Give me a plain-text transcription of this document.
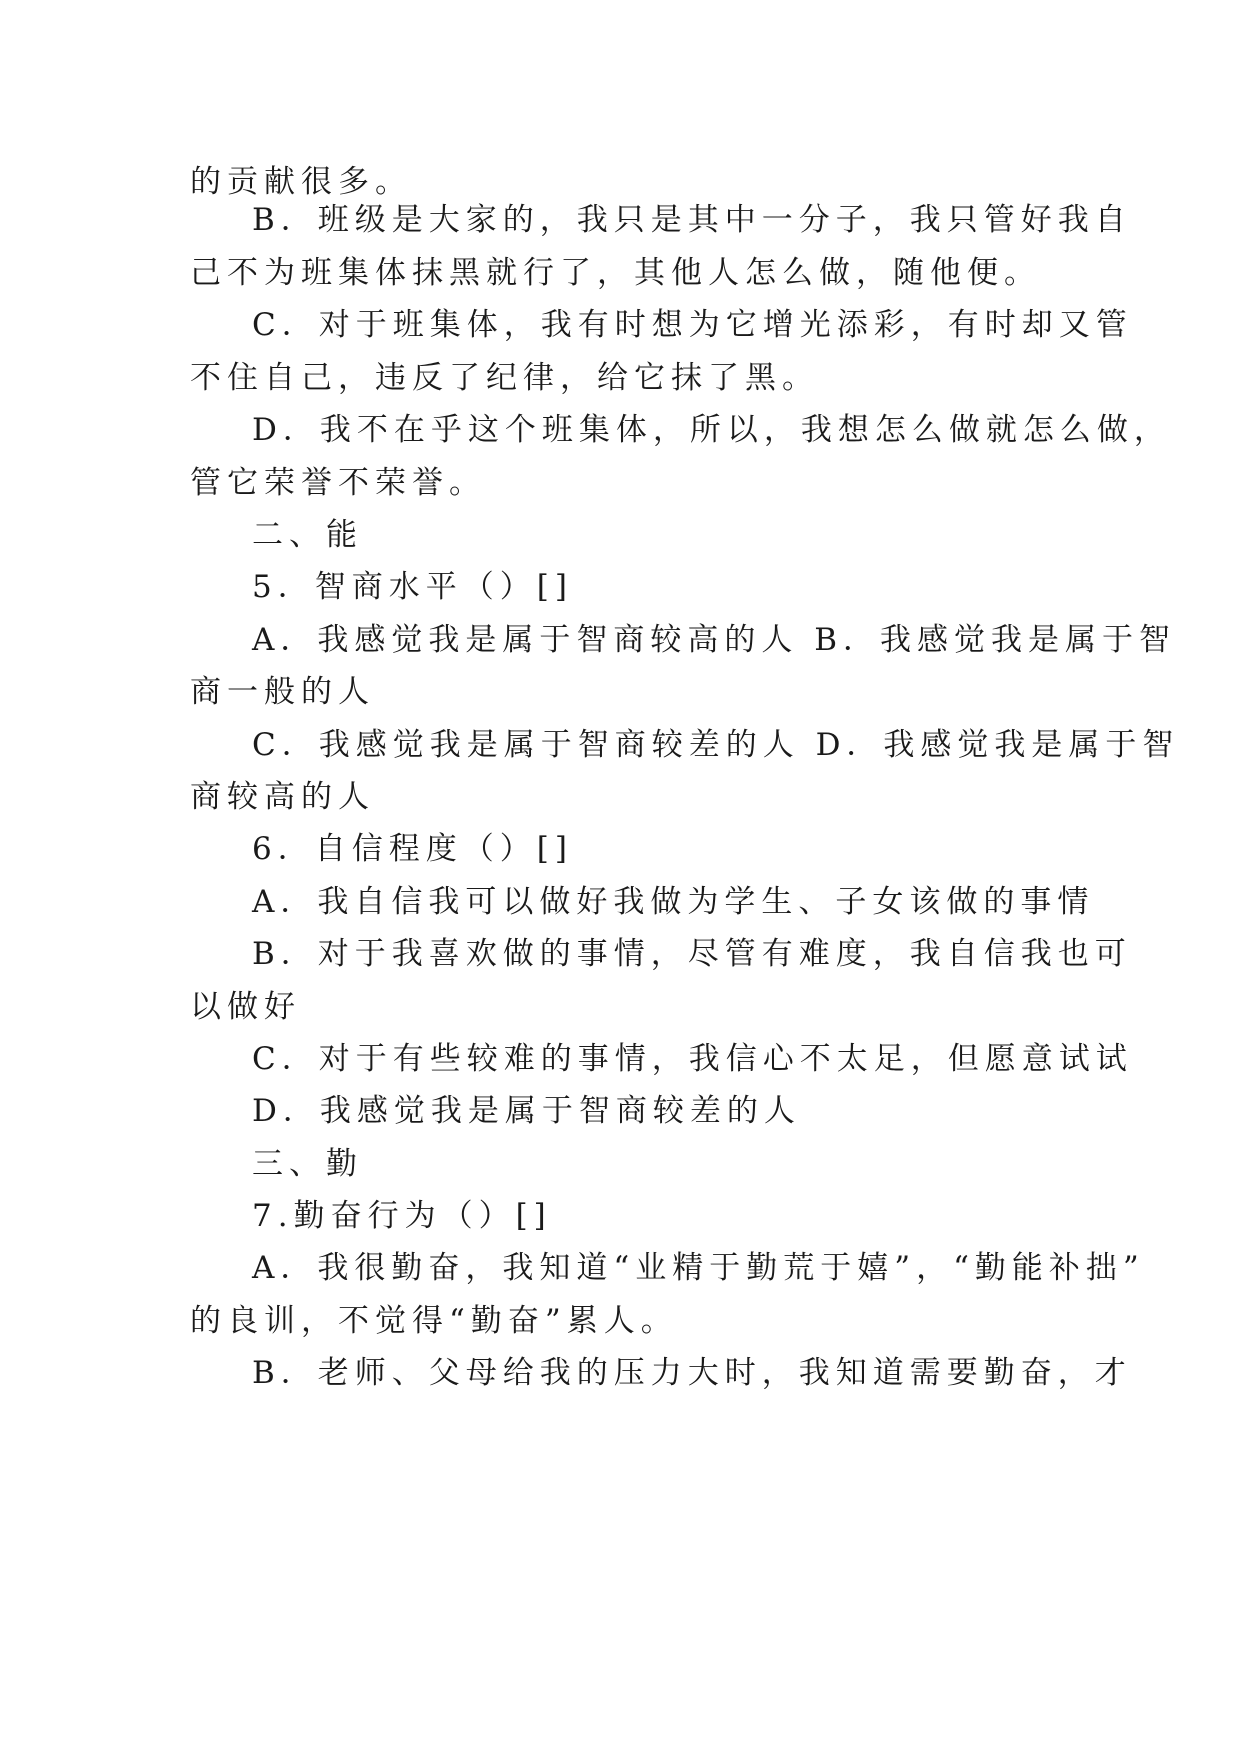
的贡献很多。
B．班级是大家的，我只是其中一分子，我只管好我自
己不为班集体抹黑就行了，其他人怎么做，随他便。
C．对于班集体，我有时想为它增光添彩，有时却又管
不住自己，违反了纪律，给它抹了黑。
D．我不在乎这个班集体，所以，我想怎么做就怎么做，
管它荣誉不荣誉。
二、能
5．智商水平（）[]
A．我感觉我是属于智商较高的人 B．我感觉我是属于智
商一般的人
C．我感觉我是属于智商较差的人 D．我感觉我是属于智
商较高的人
6．自信程度（）[]
A．我自信我可以做好我做为学生、子女该做的事情
B．对于我喜欢做的事情，尽管有难度，我自信我也可
以做好
C．对于有些较难的事情，我信心不太足，但愿意试试
D．我感觉我是属于智商较差的人
三、勤
7.勤奋行为（）[]
A．我很勤奋，我知道“业精于勤荒于嬉”，“勤能补拙”
的良训，不觉得“勤奋”累人。
B．老师、父母给我的压力大时，我知道需要勤奋，才
